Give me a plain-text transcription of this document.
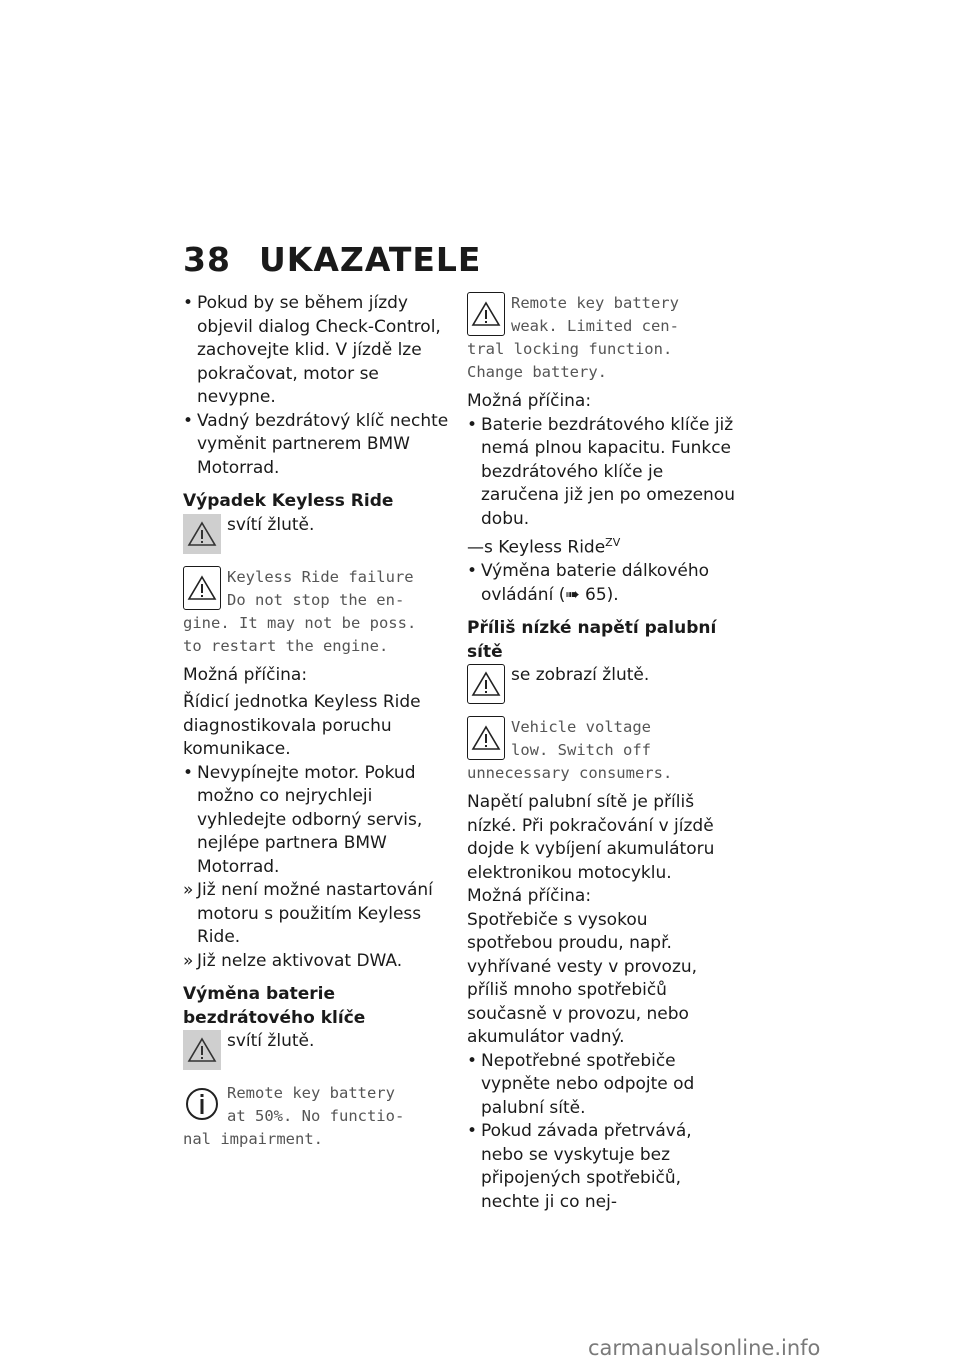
38 UKAZATELE
• Pokud by se během jízdy objevil dialog Check-Control, zachovejte klid. V jízdě lze pokračovat, motor se nevypne.
• Vadný bezdrátový klíč nechte vyměnit partnerem BMW Motorrad.
Výpadek Keyless Ride
svítí žlutě.
Keyless Ride failure
Do not stop the en-
gine. It may not be poss.
to restart the engine.
Možná příčina:
Řídicí jednotka Keyless Ride diagnostikovala poruchu komunikace.
• Nevypínejte motor. Pokud možno co nejrychleji vyhledejte odborný servis, nejlépe partnera BMW Motorrad.
» Již není možné nastartování motoru s použitím Keyless Ride.
» Již nelze aktivovat DWA.
Výměna baterie bezdrátového klíče
svítí žlutě.
Remote key battery
at 50%. No functio-
nal impairment.
Remote key battery
weak. Limited cen-
tral locking function.
Change battery.
Možná příčina:
• Baterie bezdrátového klíče již nemá plnou kapacitu. Funkce bezdrátového klíče je zaručena již jen po omezenou dobu.
—s Keyless Ride$^{ZV}$
• Výměna baterie dálkového ovládání (➠ 65).
Příliš nízké napětí palubní sítě
se zobrazí žlutě.
Vehicle voltage
low. Switch off
unnecessary consumers.
Napětí palubní sítě je příliš nízké. Při pokračování v jízdě dojde k vybíjení akumulátoru elektronikou motocyklu.
Možná příčina:
Spotřebiče s vysokou spotřebou proudu, např. vyhřívané vesty v provozu, příliš mnoho spotřebičů současně v provozu, nebo akumulátor vadný.
• Nepotřebné spotřebiče vypněte nebo odpojte od palubní sítě.
• Pokud závada přetrvává, nebo se vyskytuje bez připojených spotřebičů, nechte ji co nej-
carmanualsonline.info
